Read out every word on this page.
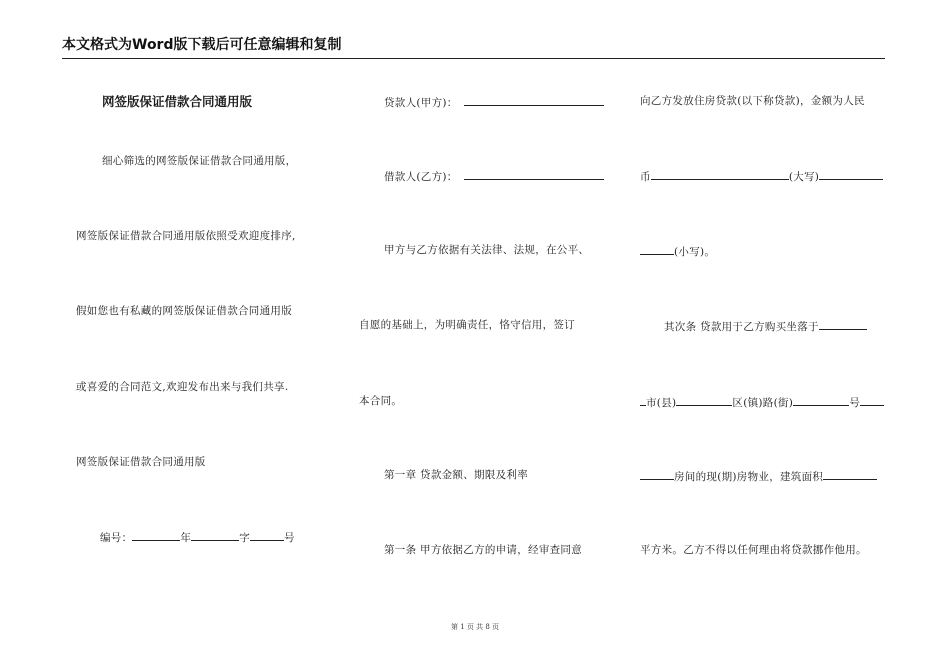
本文格式为Word版下载后可任意编辑和复制
网签版保证借款合同通用版
细心筛选的网签版保证借款合同通用版，
网签版保证借款合同通用版依照受欢迎度排序,
假如您也有私藏的网签版保证借款合同通用版
或喜爱的合同范文,欢迎发布出来与我们共享.
网签版保证借款合同通用版
编号：	年	字	号
贷款人(甲方)：
借款人(乙方)：
甲方与乙方依据有关法律、法规，在公平、
自愿的基础上，为明确责任，恪守信用，签订
本合同。
第一章 贷款金额、期限及利率
第一条 甲方依据乙方的申请，经审查同意
向乙方发放住房贷款(以下称贷款)，金额为人民
币	(大写)
(小写)。
其次条 贷款用于乙方购买坐落于
市(县)	区(镇)路(街)	号
房间的现(期)房物业，建筑面积
平方米。乙方不得以任何理由将贷款挪作他用。
第 1 页 共 8 页
